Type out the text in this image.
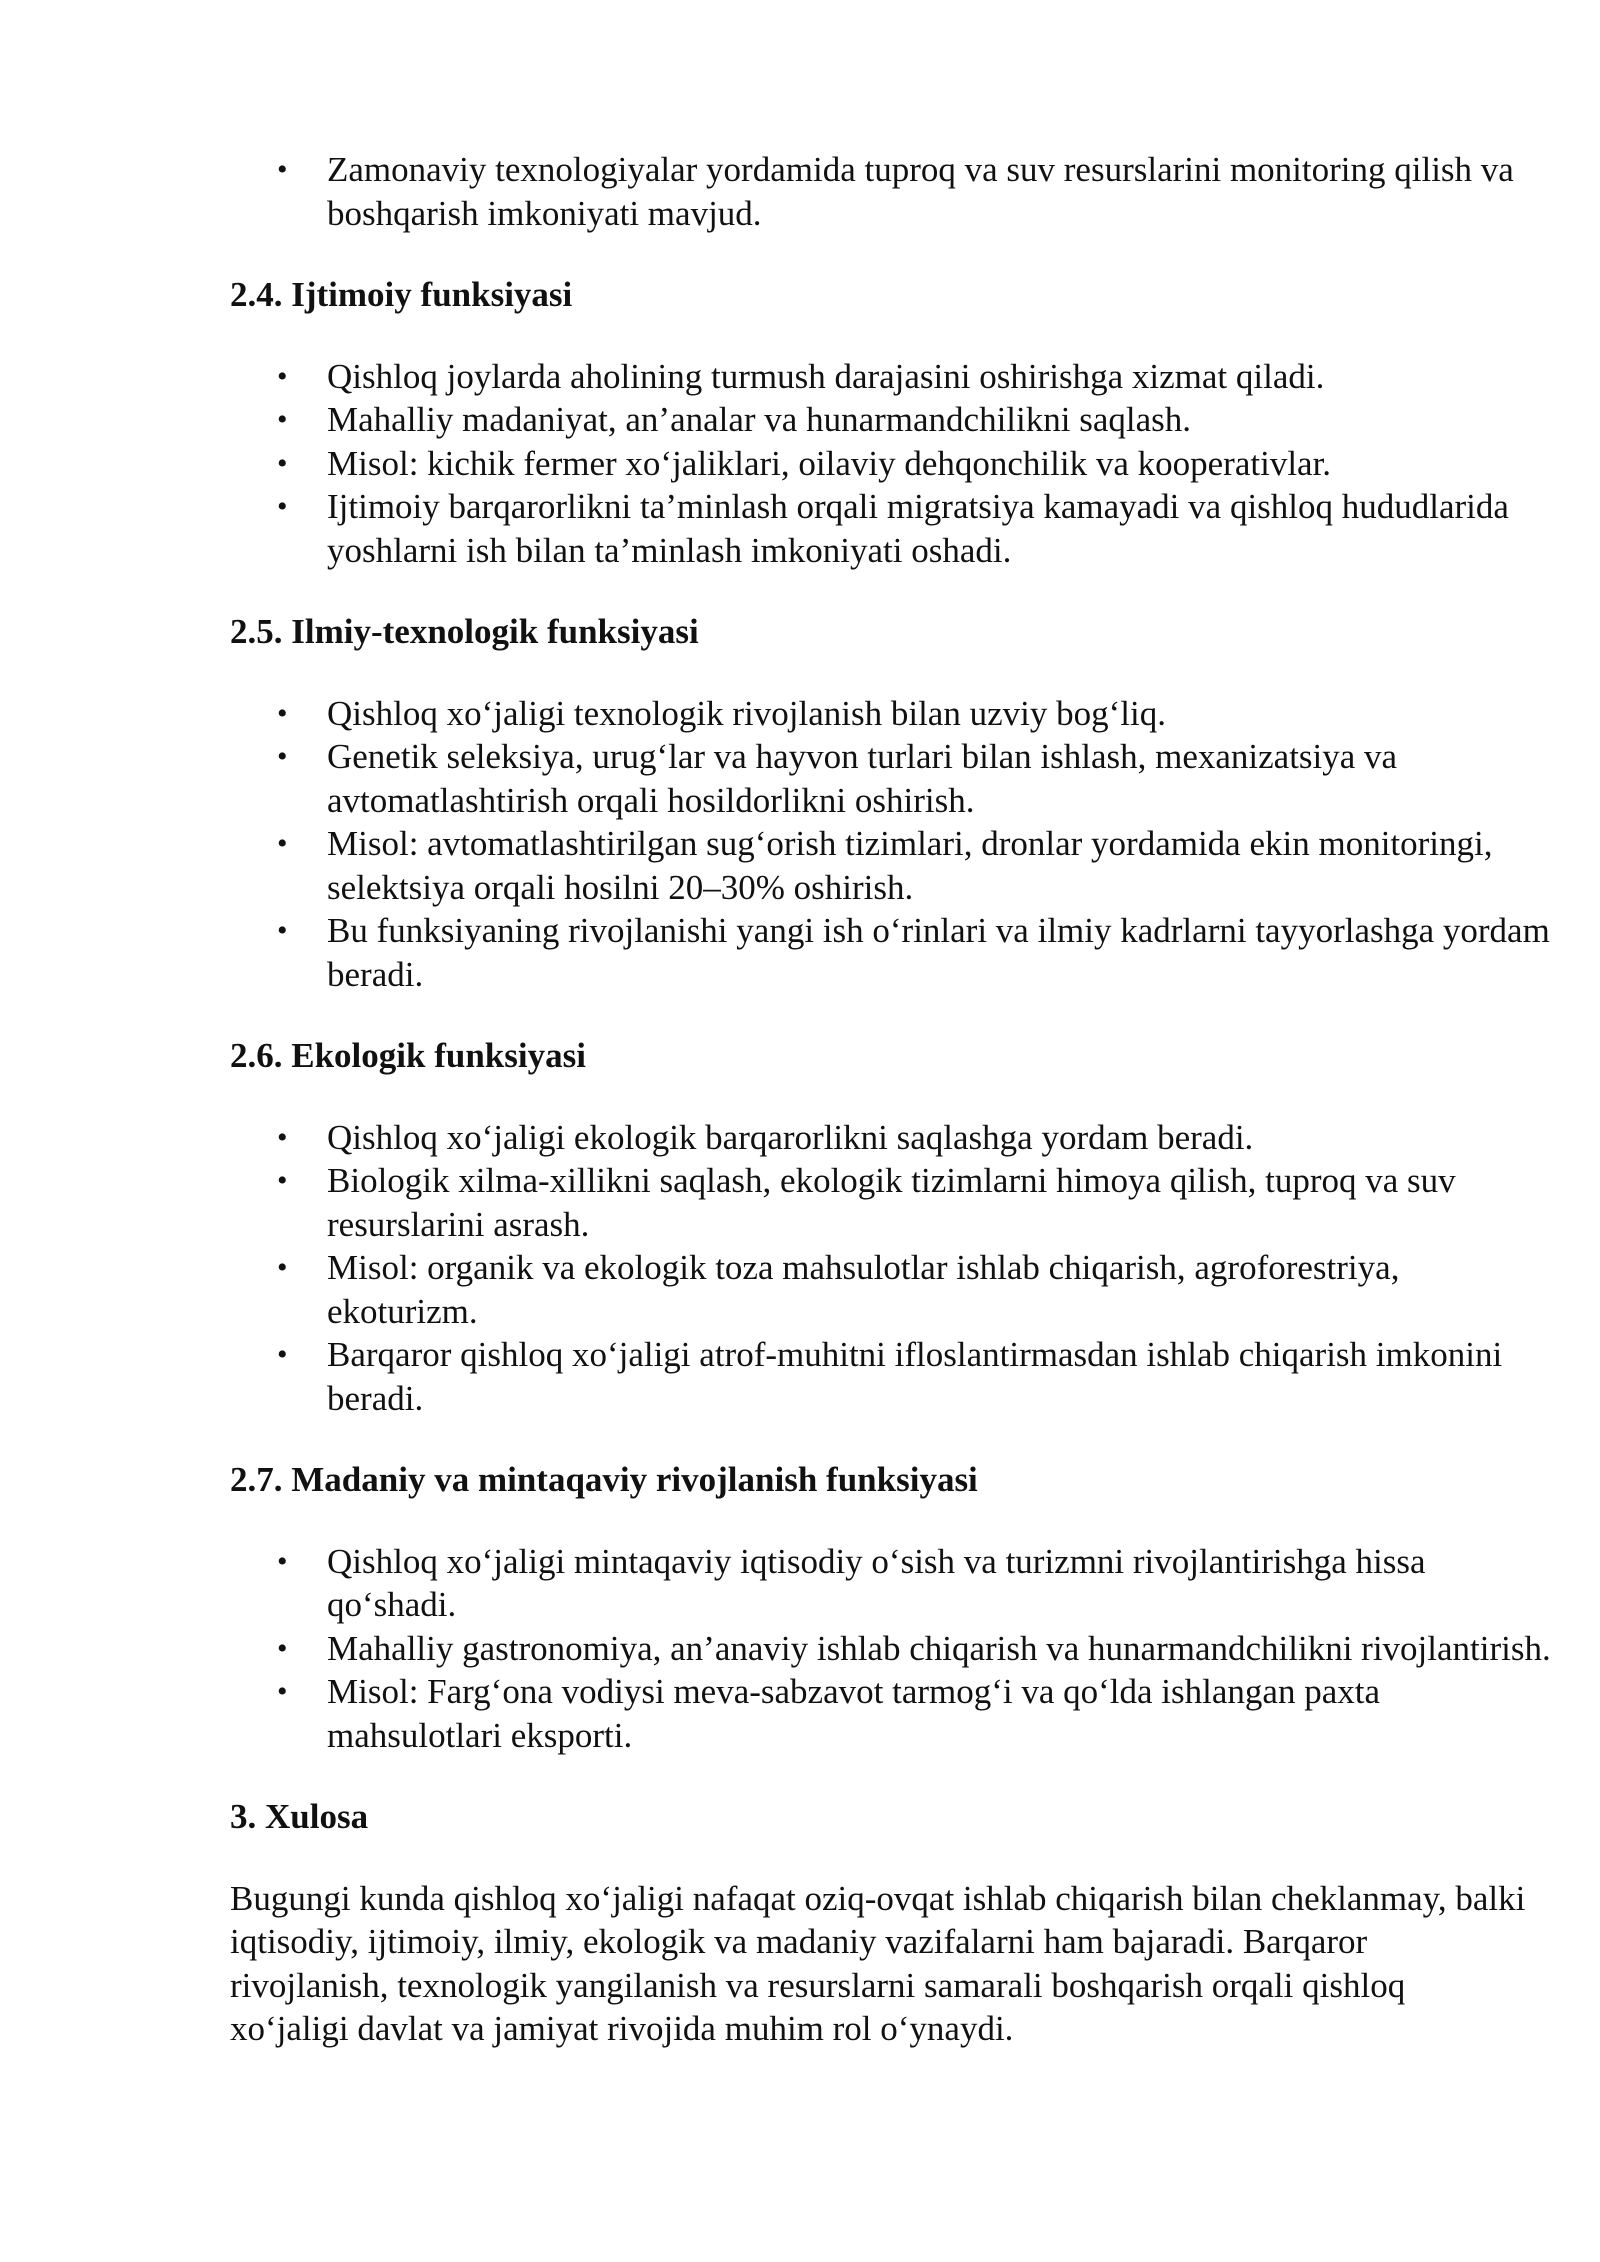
• Zamonaviy texnologiyalar yordamida tuproq va suv resurslarini monitoring qilish va boshqarish imkoniyati mavjud.
2.4. Ijtimoiy funksiyasi
• Qishloq joylarda aholining turmush darajasini oshirishga xizmat qiladi.
• Mahalliy madaniyat, an’analar va hunarmandchilikni saqlash.
• Misol: kichik fermer xo‘jaliklari, oilaviy dehqonchilik va kooperativlar.
• Ijtimoiy barqarorlikni ta’minlash orqali migratsiya kamayadi va qishloq hududlarida yoshlarni ish bilan ta’minlash imkoniyati oshadi.
2.5. Ilmiy-texnologik funksiyasi
• Qishloq xo‘jaligi texnologik rivojlanish bilan uzviy bog‘liq.
• Genetik seleksiya, urug‘lar va hayvon turlari bilan ishlash, mexanizatsiya va avtomatlashtirish orqali hosildorlikni oshirish.
• Misol: avtomatlashtirilgan sug‘orish tizimlari, dronlar yordamida ekin monitoringi, selektsiya orqali hosilni 20–30% oshirish.
• Bu funksiyaning rivojlanishi yangi ish o‘rinlari va ilmiy kadrlarni tayyorlashga yordam beradi.
2.6. Ekologik funksiyasi
• Qishloq xo‘jaligi ekologik barqarorlikni saqlashga yordam beradi.
• Biologik xilma-xillikni saqlash, ekologik tizimlarni himoya qilish, tuproq va suv resurslarini asrash.
• Misol: organik va ekologik toza mahsulotlar ishlab chiqarish, agroforestriya, ekoturizm.
• Barqaror qishloq xo‘jaligi atrof-muhitni ifloslantirmasdan ishlab chiqarish imkonini beradi.
2.7. Madaniy va mintaqaviy rivojlanish funksiyasi
• Qishloq xo‘jaligi mintaqaviy iqtisodiy o‘sish va turizmni rivojlantirishga hissa qo‘shadi.
• Mahalliy gastronomiya, an’anaviy ishlab chiqarish va hunarmandchilikni rivojlantirish.
• Misol: Farg‘ona vodiysi meva-sabzavot tarmog‘i va qo‘lda ishlangan paxta mahsulotlari eksporti.
3. Xulosa

Bugungi kunda qishloq xo‘jaligi nafaqat oziq-ovqat ishlab chiqarish bilan cheklanmay, balki iqtisodiy, ijtimoiy, ilmiy, ekologik va madaniy vazifalarni ham bajaradi. Barqaror rivojlanish, texnologik yangilanish va resurslarni samarali boshqarish orqali qishloq xo‘jaligi davlat va jamiyat rivojida muhim rol o‘ynaydi.
